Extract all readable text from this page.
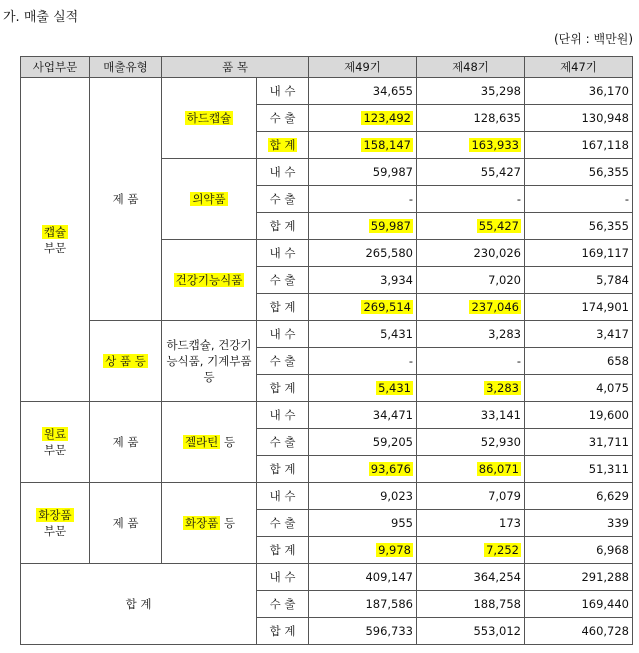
가. 매출 실적
(단위 : 백만원)
사업부문	매출유형	품 목		제49기	제48기	제47기
캡슐
부문	제 품	하드캡슐	내 수	34,655	35,298	36,170
			수 출	123,492	128,635	130,948
			합 계	158,147	163,933	167,118
		의약품	내 수	59,987	55,427	56,355
			수 출	-	-	-
			합 계	59,987	55,427	56,355
		건강기능식품	내 수	265,580	230,026	169,117
			수 출	3,934	7,020	5,784
			합 계	269,514	237,046	174,901
	상 품 등	하드캡슐, 건강기능식품, 기계부품 등	내 수	5,431	3,283	3,417
			수 출	-	-	658
			합 계	5,431	3,283	4,075
원료
부문	제 품	젤라틴 등	내 수	34,471	33,141	19,600
			수 출	59,205	52,930	31,711
			합 계	93,676	86,071	51,311
화장품
부문	제 품	화장품 등	내 수	9,023	7,079	6,629
			수 출	955	173	339
			합 계	9,978	7,252	6,968
합 계			내 수	409,147	364,254	291,288
			수 출	187,586	188,758	169,440
			합 계	596,733	553,012	460,728
